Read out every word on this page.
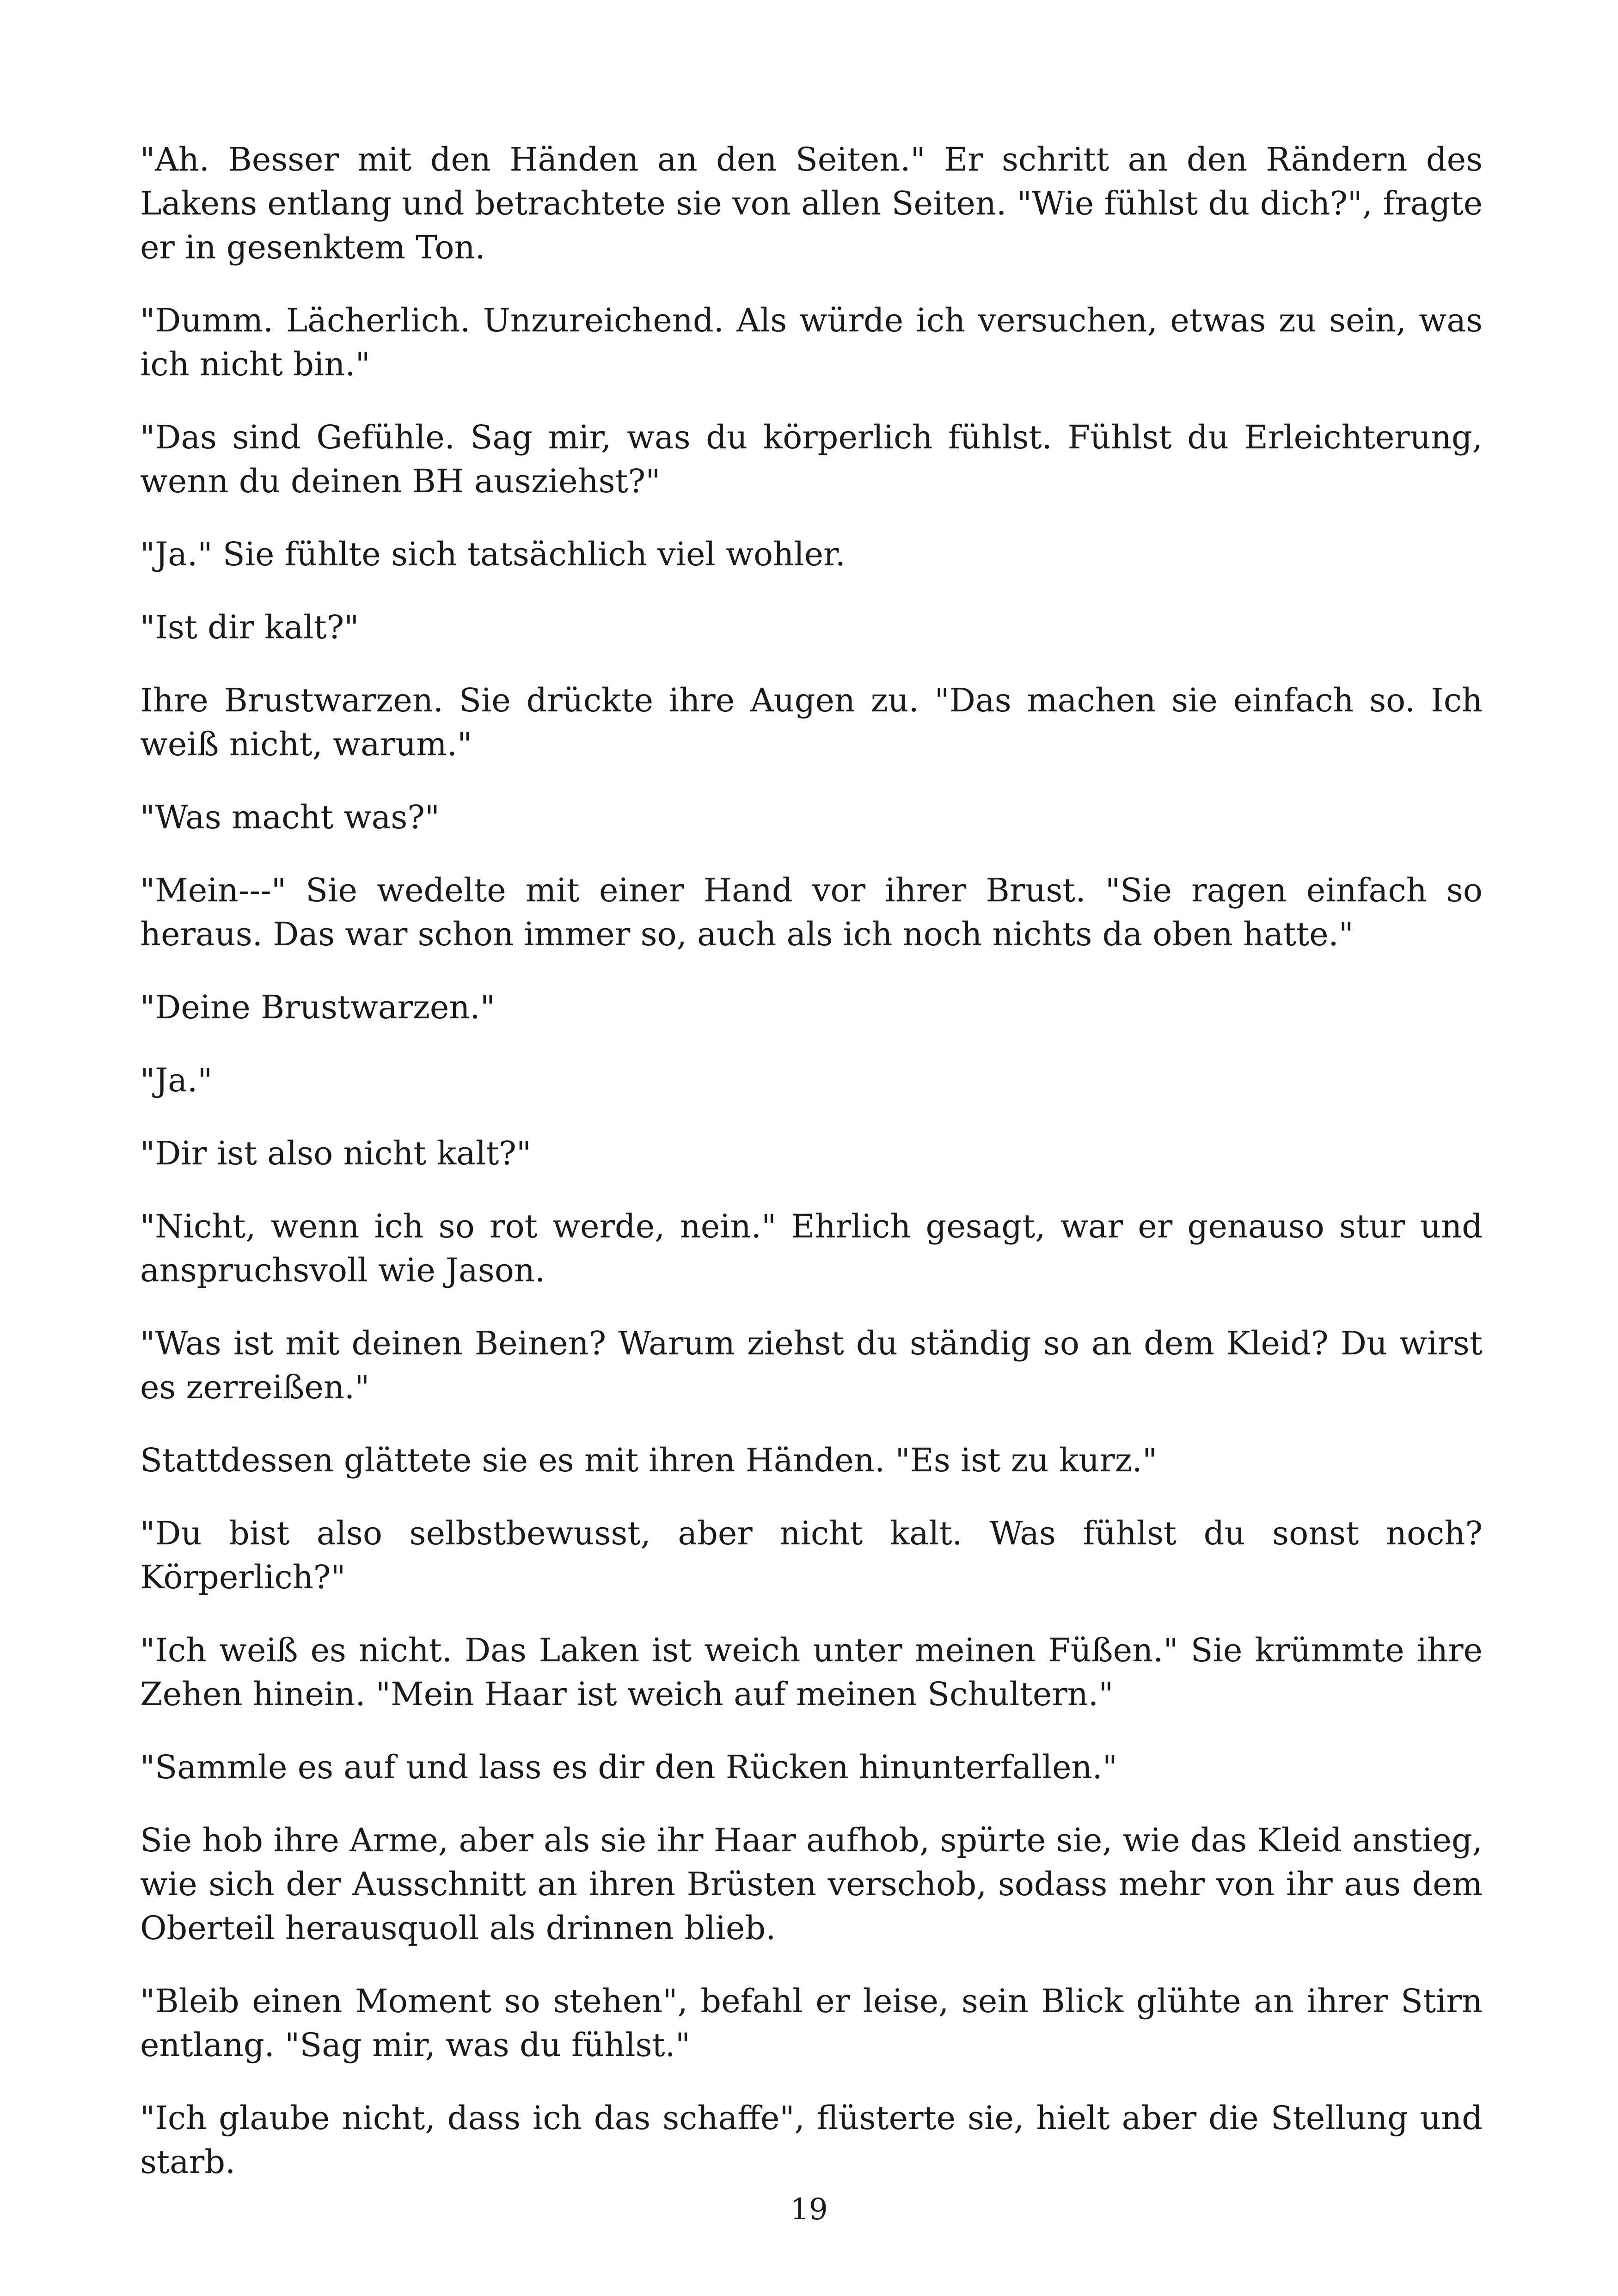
"Ah. Besser mit den Händen an den Seiten." Er schritt an den Rändern des Lakens entlang und betrachtete sie von allen Seiten. "Wie fühlst du dich?", fragte er in gesenktem Ton.

"Dumm. Lächerlich. Unzureichend. Als würde ich versuchen, etwas zu sein, was ich nicht bin."

"Das sind Gefühle. Sag mir, was du körperlich fühlst. Fühlst du Erleichterung, wenn du deinen BH ausziehst?"

"Ja." Sie fühlte sich tatsächlich viel wohler.

"Ist dir kalt?"

Ihre Brustwarzen. Sie drückte ihre Augen zu. "Das machen sie einfach so. Ich weiß nicht, warum."

"Was macht was?"

"Mein---" Sie wedelte mit einer Hand vor ihrer Brust. "Sie ragen einfach so heraus. Das war schon immer so, auch als ich noch nichts da oben hatte."

"Deine Brustwarzen."

"Ja."

"Dir ist also nicht kalt?"

"Nicht, wenn ich so rot werde, nein." Ehrlich gesagt, war er genauso stur und anspruchsvoll wie Jason.

"Was ist mit deinen Beinen? Warum ziehst du ständig so an dem Kleid? Du wirst es zerreißen."

Stattdessen glättete sie es mit ihren Händen. "Es ist zu kurz."

"Du bist also selbstbewusst, aber nicht kalt. Was fühlst du sonst noch? Körperlich?"

"Ich weiß es nicht. Das Laken ist weich unter meinen Füßen." Sie krümmte ihre Zehen hinein. "Mein Haar ist weich auf meinen Schultern."

"Sammle es auf und lass es dir den Rücken hinunterfallen."

Sie hob ihre Arme, aber als sie ihr Haar aufhob, spürte sie, wie das Kleid anstieg, wie sich der Ausschnitt an ihren Brüsten verschob, sodass mehr von ihr aus dem Oberteil herausquoll als drinnen blieb.

"Bleib einen Moment so stehen", befahl er leise, sein Blick glühte an ihrer Stirn entlang. "Sag mir, was du fühlst."

"Ich glaube nicht, dass ich das schaffe", flüsterte sie, hielt aber die Stellung und starb.

19
